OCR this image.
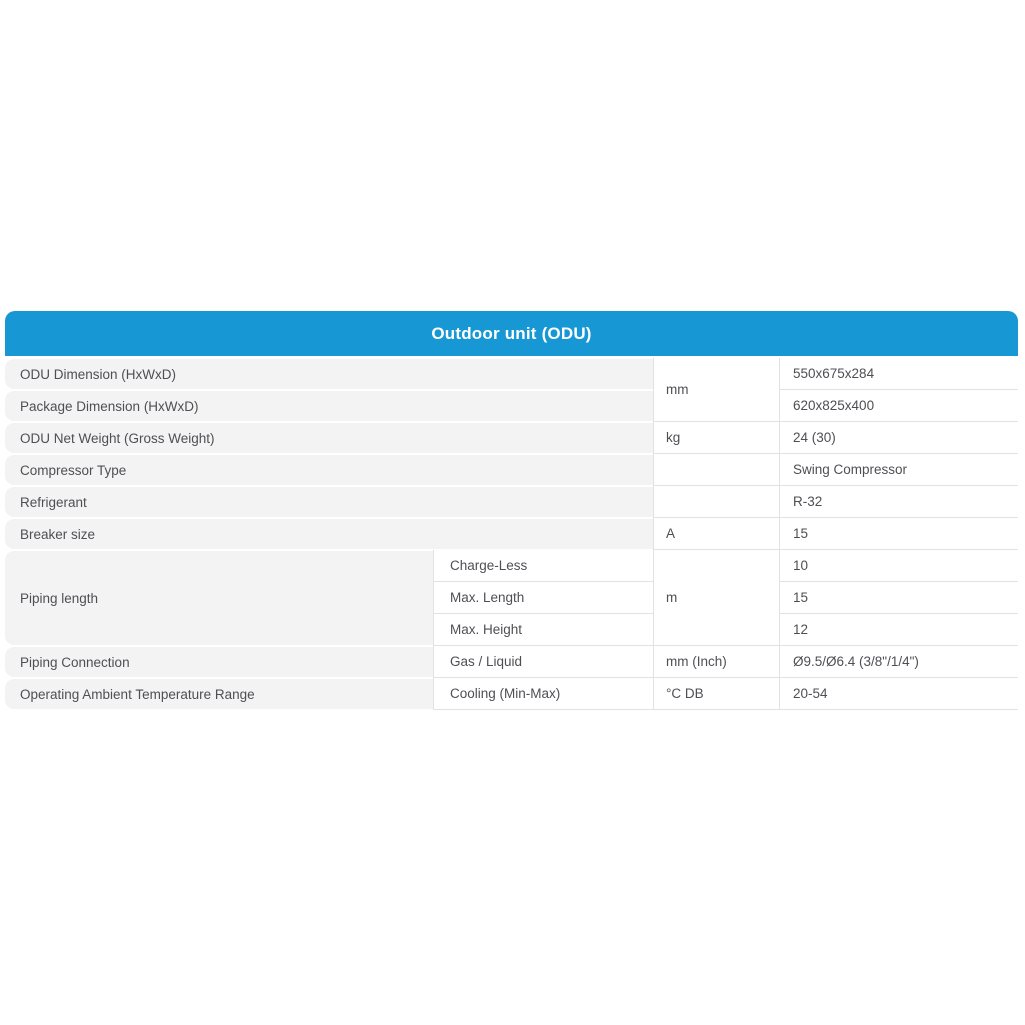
Outdoor unit (ODU)
ODU Dimension (HxWxD)
Package Dimension (HxWxD)
ODU Net Weight (Gross Weight)
Compressor Type
Refrigerant
Breaker size
Piping length
Piping Connection
Operating Ambient Temperature Range
Charge-Less
Max. Length
Max. Height
Gas / Liquid
Cooling (Min-Max)
mm
kg
A
m
mm (Inch)
°C DB
550x675x284
620x825x400
24 (30)
Swing Compressor
R-32
15
10
15
12
Ø9.5/Ø6.4 (3/8"/1/4")
20-54
